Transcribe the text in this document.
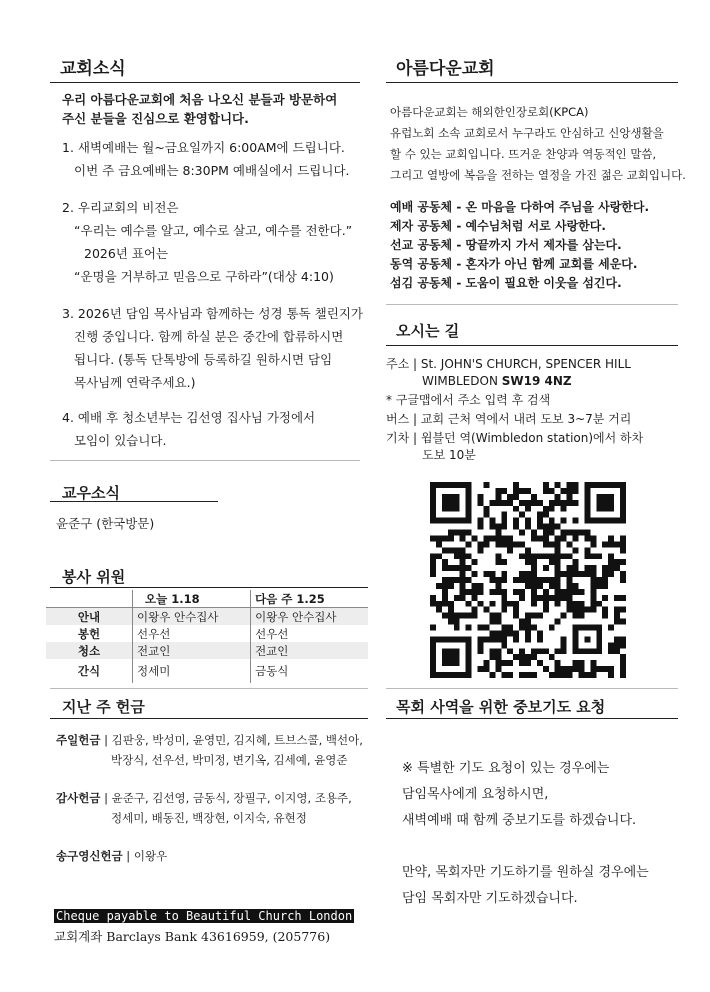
교회소식
우리 아름다운교회에 처음 나오신 분들과 방문하여
주신 분들을 진심으로 환영합니다.
1. 새벽예배는 월~금요일까지 6:00AM에 드립니다.
이번 주 금요예배는 8:30PM 예배실에서 드립니다.
2. 우리교회의 비전은
“우리는 예수를 알고, 예수로 살고, 예수를 전한다.”
2026년 표어는
“운명을 거부하고 믿음으로 구하라”(대상 4:10)
3. 2026년 담임 목사님과 함께하는 성경 통독 챌린지가
진행 중입니다. 함께 하실 분은 중간에 합류하시면
됩니다. (통독 단톡방에 등록하길 원하시면 담임
목사님께 연락주세요.)
4. 예배 후 청소년부는 김선영 집사님 가정에서
모임이 있습니다.
교우소식
윤준구 (한국방문)
봉사 위원
	오늘 1.18	다음 주 1.25
안내	이왕우 안수집사	이왕우 안수집사
봉헌	선우선	선우선
청소	전교인	전교인
간식	정세미	금동식
지난 주 헌금
주일헌금 | 김판웅, 박성미, 윤영민, 김지혜, 트브스콜, 백선아,
박장식, 선우선, 박미정, 변기옥, 김세예, 윤영준
감사헌금 | 윤준구, 김선영, 금동식, 장필구, 이지영, 조용주,
정세미, 배동진, 백장현, 이지숙, 유현정
송구영신헌금 | 이왕우
Cheque payable to Beautiful Church London
교회계좌 Barclays Bank 43616959, (205776)
아름다운교회
아름다운교회는 해외한인장로회(KPCA)
유럽노회 소속 교회로서 누구라도 안심하고 신앙생활을
할 수 있는 교회입니다. 뜨거운 찬양과 역동적인 말씀,
그리고 열방에 복음을 전하는 열정을 가진 젊은 교회입니다.
예배 공동체 - 온 마음을 다하여 주님을 사랑한다.
제자 공동체 - 예수님처럼 서로 사랑한다.
선교 공동체 - 땅끝까지 가서 제자를 삼는다.
동역 공동체 - 혼자가 아닌 함께 교회를 세운다.
섬김 공동체 - 도움이 필요한 이웃을 섬긴다.
오시는 길
주소 | St. JOHN'S CHURCH, SPENCER HILL
WIMBLEDON SW19 4NZ
* 구글맵에서 주소 입력 후 검색
버스 | 교회 근처 역에서 내려 도보 3~7분 거리
기차 | 윔블던 역(Wimbledon station)에서 하차
도보 10분
목회 사역을 위한 중보기도 요청
※ 특별한 기도 요청이 있는 경우에는
담임목사에게 요청하시면,
새벽예배 때 함께 중보기도를 하겠습니다.
만약, 목회자만 기도하기를 원하실 경우에는
담임 목회자만 기도하겠습니다.
